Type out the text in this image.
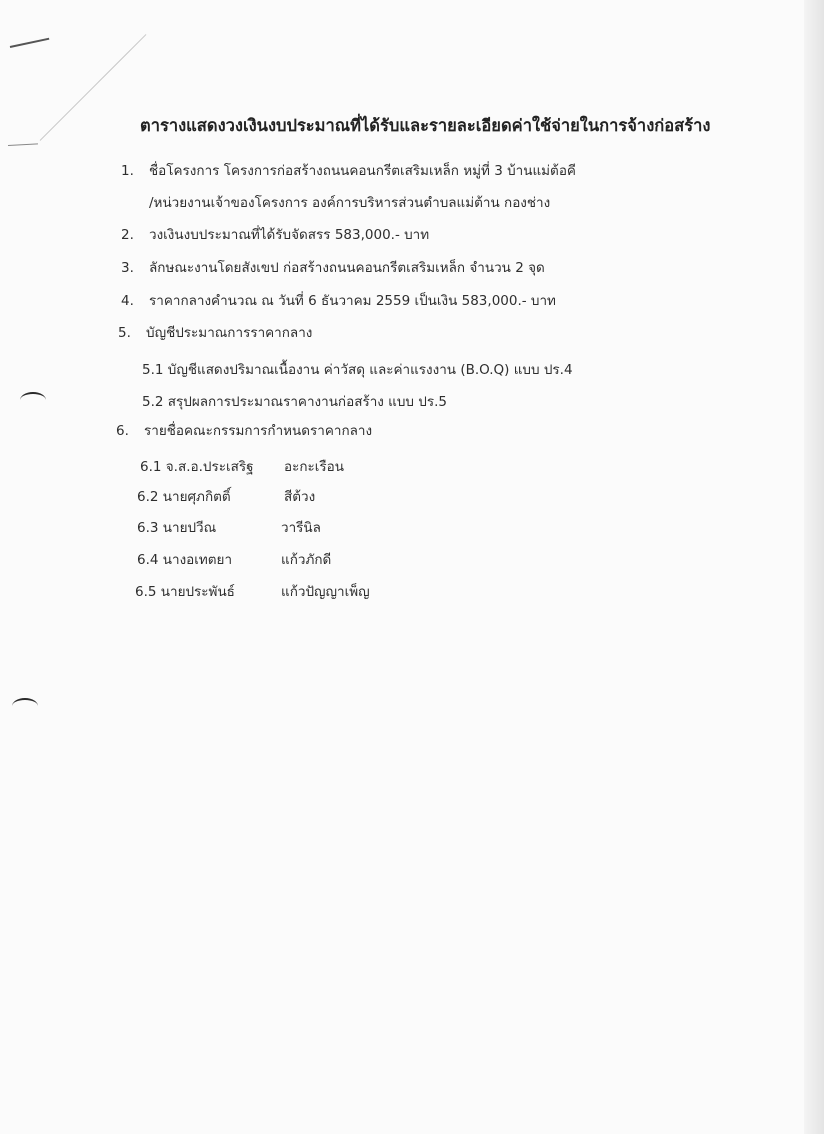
ตารางแสดงวงเงินงบประมาณที่ได้รับและรายละเอียดค่าใช้จ่ายในการจ้างก่อสร้าง
1. ชื่อโครงการ โครงการก่อสร้างถนนคอนกรีตเสริมเหล็ก หมู่ที่ 3 บ้านแม่ต้อคี
/หน่วยงานเจ้าของโครงการ องค์การบริหารส่วนตำบลแม่ต้าน กองช่าง
2. วงเงินงบประมาณที่ได้รับจัดสรร 583,000.- บาท
3. ลักษณะงานโดยสังเขป ก่อสร้างถนนคอนกรีตเสริมเหล็ก จำนวน 2 จุด
4. ราคากลางคำนวณ ณ วันที่ 6 ธันวาคม 2559 เป็นเงิน 583,000.- บาท
5. บัญชีประมาณการราคากลาง
5.1 บัญชีแสดงปริมาณเนื้องาน ค่าวัสดุ และค่าแรงงาน (B.O.Q) แบบ ปร.4
5.2 สรุปผลการประมาณราคางานก่อสร้าง แบบ ปร.5
6. รายชื่อคณะกรรมการกำหนดราคากลาง
6.1 จ.ส.อ.ประเสริฐ อะกะเรือน
6.2 นายศุภกิตติ์	สีต้วง
6.3 นายปวีณ	วารีนิล
6.4 นางอเทตยา	แก้วภักดี
6.5 นายประพันธ์	แก้วปัญญาเพ็ญ
